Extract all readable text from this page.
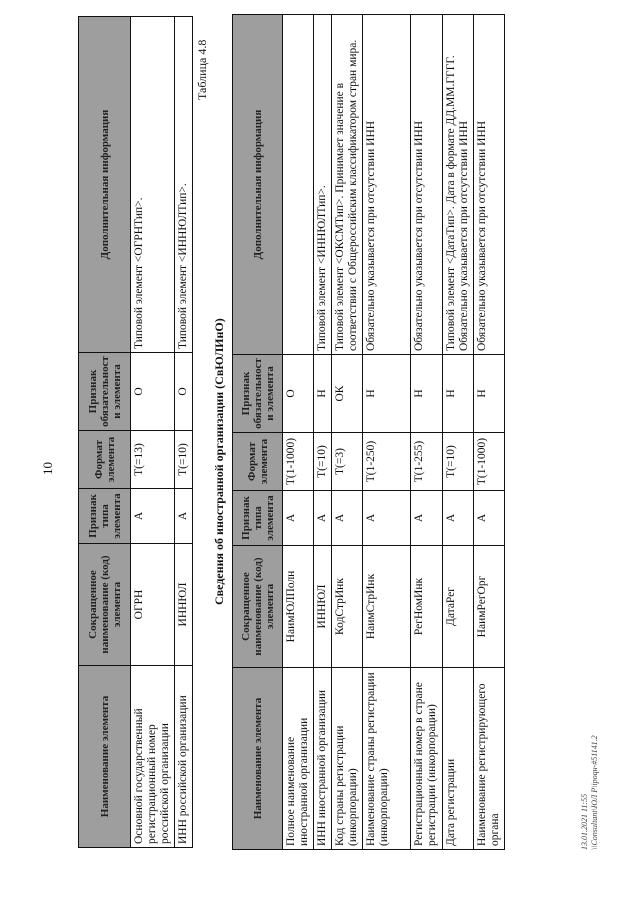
10
Наименование элемента	Сокращенное наименование (код) элемента	Признак типа элемента	Формат элемента	Признак обязательности элемента	Дополнительная информация
Основной государственный регистрационный номер российской организации	ОГРН	А	T(=13)	О	Типовой элемент <ОГРНТип>.
ИНН российской организации	ИННЮЛ	А	T(=10)	О	Типовой элемент <ИННЮЛТип>.
Таблица 4.8
Сведения об иностранной организации (СвЮЛИнО)
Наименование элемента	Сокращенное наименование (код) элемента	Признак типа элемента	Формат элемента	Признак обязательности элемента	Дополнительная информация
Полное наименование иностранной организации	НаимЮЛПолн	А	T(1-1000)	О	
ИНН иностранной организации	ИННЮЛ	А	T(=10)	Н	Типовой элемент <ИННЮЛТип>.
Код страны регистрации (инкорпорации)	КодСтрИнк	А	T(=3)	ОК	Типовой элемент <ОКСМТип>. Принимает значение в соответствии с Общероссийским классификатором стран мира.
Наименование страны регистрации (инкорпорации)	НаимСтрИнк	А	T(1-250)	Н	Обязательно указывается при отсутствии ИНН
Регистрационный номер в стране регистрации (инкорпорации)	РегНомИнк	А	T(1-255)	Н	Обязательно указывается при отсутствии ИНН
Дата регистрации	ДатаРег	А	T(=10)	Н	Типовой элемент <ДатаТип>. Дата в формате ДД.ММ.ГГГГ. Обязательно указывается при отсутствии ИНН
Наименование регистрирующего органа	НаимРегОрг	А	T(1-1000)	Н	Обязательно указывается при отсутствии ИНН
13.01.2021 11:55 \\Consultant\ЮЛ Р\ipoqн-#51141.2
